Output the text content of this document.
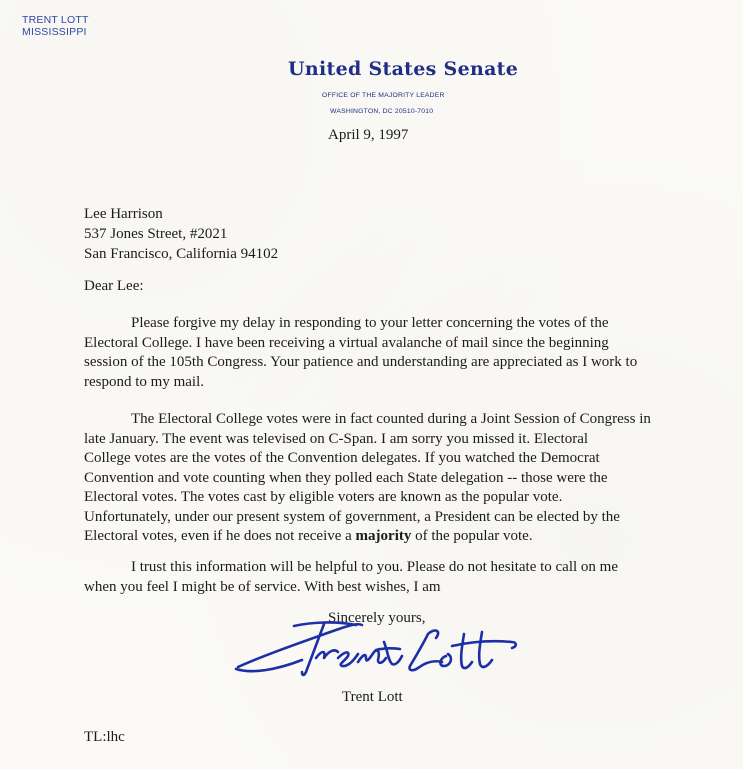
TRENT LOTT
MISSISSIPPI
United States Senate
OFFICE OF THE MAJORITY LEADER
WASHINGTON, DC 20510-7010
April 9, 1997
Lee Harrison
537 Jones Street, #2021
San Francisco, California 94102
Dear Lee:
Please forgive my delay in responding to your letter concerning the votes of the
Electoral College. I have been receiving a virtual avalanche of mail since the beginning
session of the 105th Congress. Your patience and understanding are appreciated as I work to
respond to my mail.
The Electoral College votes were in fact counted during a Joint Session of Congress in
late January. The event was televised on C-Span. I am sorry you missed it. Electoral
College votes are the votes of the Convention delegates. If you watched the Democrat
Convention and vote counting when they polled each State delegation -- those were the
Electoral votes. The votes cast by eligible voters are known as the popular vote.
Unfortunately, under our present system of government, a President can be elected by the
Electoral votes, even if he does not receive a majority of the popular vote.
I trust this information will be helpful to you. Please do not hesitate to call on me
when you feel I might be of service. With best wishes, I am
Sincerely yours,
Trent Lott
TL:lhc
